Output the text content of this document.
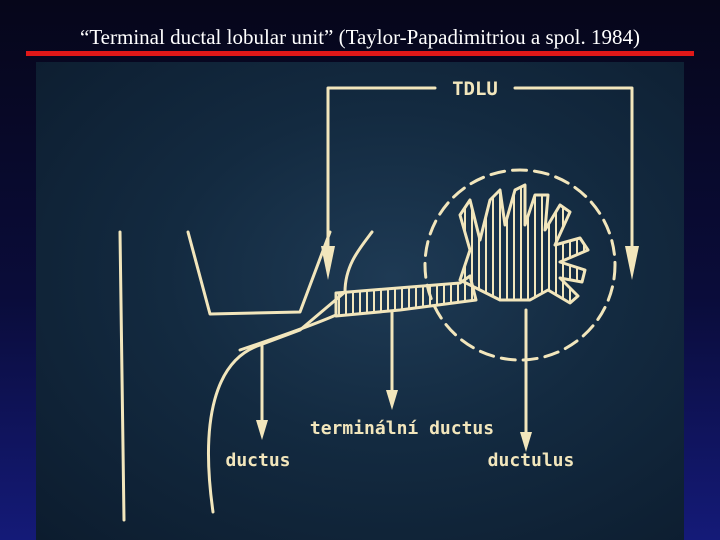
“Terminal ductal lobular unit” (Taylor-Papadimitriou a spol. 1984)
TDLU
terminální ductus
ductus	ductulus
